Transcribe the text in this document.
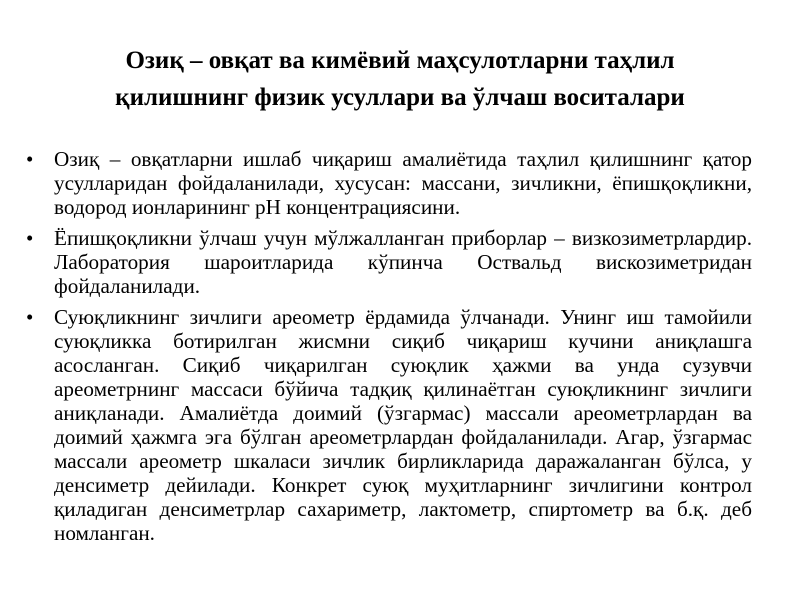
Озиқ – овқат ва кимёвий маҳсулотларни таҳлил
қилишнинг физик усуллари ва ўлчаш воситалари
• Озиқ – овқатларни ишлаб чиқариш амалиётида таҳлил қилишнинг қатор усулларидан фойдаланилади, хусусан: массани, зичликни, ёпишқоқликни, водород ионларининг рН концентрациясини.
• Ёпишқоқликни ўлчаш учун мўлжалланган приборлар – визкозиметрлардир. Лаборатория шароитларида кўпинча Оствальд вискозиметридан фойдаланилади.
• Суюқликнинг зичлиги ареометр ёрдамида ўлчанади. Унинг иш тамойили суюқликка ботирилган жисмни сиқиб чиқариш кучини аниқлашга асосланган. Сиқиб чиқарилган суюқлик ҳажми ва унда сузувчи ареометрнинг массаси бўйича тадқиқ қилинаётган суюқликнинг зичлиги аниқланади. Амалиётда доимий (ўзгармас) массали ареометрлардан ва доимий ҳажмга эга бўлган ареометрлардан фойдаланилади. Агар, ўзгармас массали ареометр шкаласи зичлик бирликларида даражаланган бўлса, у денсиметр дейилади. Конкрет суюқ муҳитларнинг зичлигини контрол қиладиган денсиметрлар сахариметр, лактометр, спиртометр ва б.қ. деб номланган.
